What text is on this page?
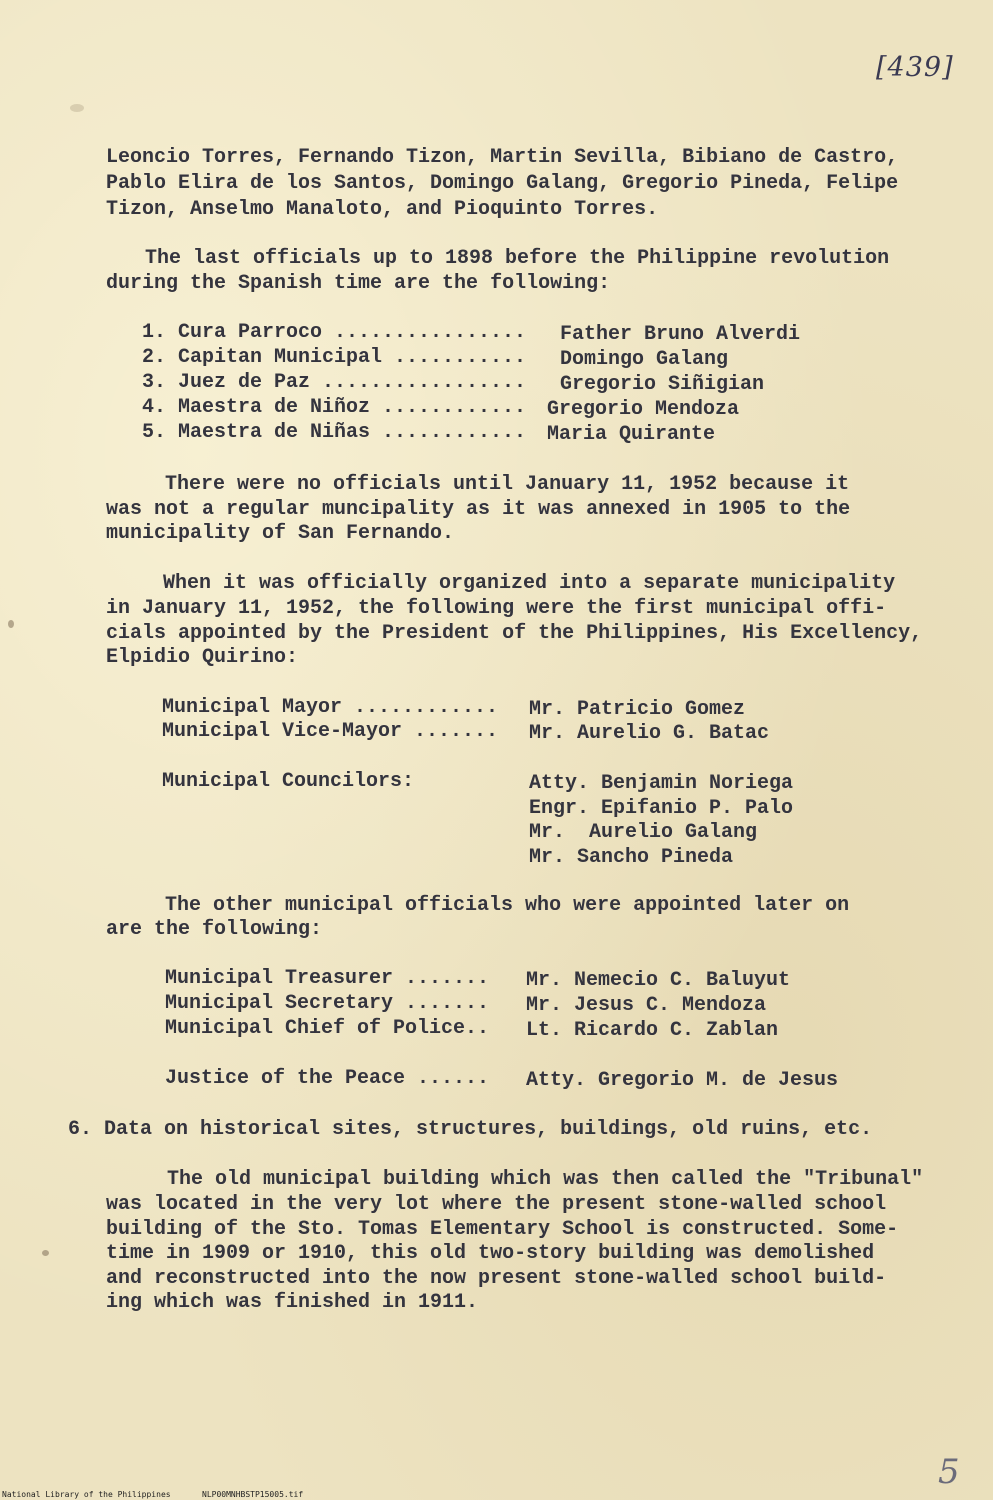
[439]
Leoncio Torres, Fernando Tizon, Martin Sevilla, Bibiano de Castro,
Pablo Elira de los Santos, Domingo Galang, Gregorio Pineda, Felipe
Tizon, Anselmo Manaloto, and Pioquinto Torres.
The last officials up to 1898 before the Philippine revolution
during the Spanish time are the following:
1. Cura Parroco ................ Father Bruno Alverdi
2. Capitan Municipal ........... Domingo Galang
3. Juez de Paz ................. Gregorio Siñigian
4. Maestra de Niñoz ............ Gregorio Mendoza
5. Maestra de Niñas ............ Maria Quirante
There were no officials until January 11, 1952 because it
was not a regular muncipality as it was annexed in 1905 to the
municipality of San Fernando.
When it was officially organized into a separate municipality
in January 11, 1952, the following were the first municipal offi-
cials appointed by the President of the Philippines, His Excellency,
Elpidio Quirino:
Municipal Mayor ............ Mr. Patricio Gomez
Municipal Vice-Mayor ....... Mr. Aurelio G. Batac
Municipal Councilors:	Atty. Benjamin Noriega
Engr. Epifanio P. Palo
Mr.  Aurelio Galang
Mr. Sancho Pineda
The other municipal officials who were appointed later on
are the following:
Municipal Treasurer ....... Mr. Nemecio C. Baluyut
Municipal Secretary ....... Mr. Jesus C. Mendoza
Municipal Chief of Police.. Lt. Ricardo C. Zablan
Justice of the Peace ...... Atty. Gregorio M. de Jesus
6. Data on historical sites, structures, buildings, old ruins, etc.
The old municipal building which was then called the "Tribunal"
was located in the very lot where the present stone-walled school
building of the Sto. Tomas Elementary School is constructed. Some-
time in 1909 or 1910, this old two-story building was demolished
and reconstructed into the now present stone-walled school build-
ing which was finished in 1911.
5
National Library of the Philippines	NLP00MNHBSTP15005.tif
